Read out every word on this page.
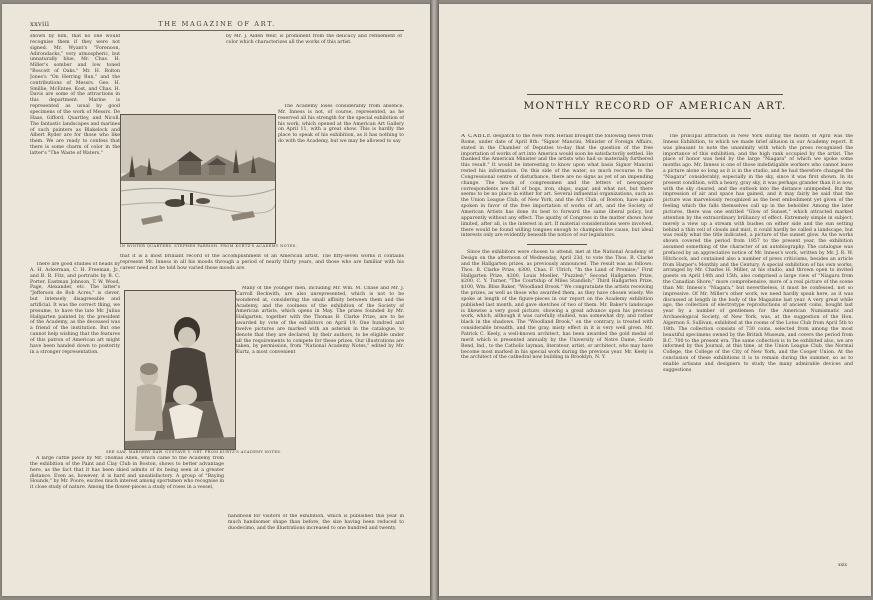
xxviii	THE MAGAZINE OF ART.

shown by him, that no one would recognise them if they were not signed. Mr. Wyant's "Forenoon, Adirondacks," very atmospheric, but unnaturally blue, Mr. Chas. H. Miller's somber and low toned "Boscott of Oaks." Mr. H. Bolton Jones's "On Herring Run," and the contributions of Messrs. Geo. H. Smillie, McEntee, Kost, and Chas. H. Davis are some of the attractions in this department. Marine is represented as usual by good specimens of the work of Messrs. De Haas, Gifford, Quartley, and Nicoll. The fantastic landscapes and marines of such painters as Blakelock and Albert Ryder are for those who like them. We are ready to confess that there is some charm of color in the latter's "The Waste of Waters."

There are good studies of heads by A. H. Ackerman, C. H. Freeman, Jr., and B. R. Fitz, and portraits by B. C. Porter, Eastman Johnson, T. W. Wood, Page, Alexander, etc. The latter's "Jefferson de Bob Acres," is clever, but intensely disagreeable and artificial. It was the correct thing, we presume, to have the late Mr. Julius Hallgarten painted by the president of the Academy, as the deceased was a friend of the institution. But one cannot help wishing that the features of this patron of American art might have been handed down to posterity in a stronger representation.

IN WINTER QUARTERS. STEPHEN PARRISH. FROM KURTZ'S ACADEMY NOTES.

by Mr. J. Alden Weir, is prominent from the delicacy and refinement of color which characterizes all the works of this artist.

The Academy loses considerably from absence. Mr. Inness is not, of course, represented, as he reserved all his strength for the special exhibition of his work, which opened at the American Art Gallery on April 11, with a great show. This is hardly the place to speak of his exhibition, as it has nothing to do with the Academy, but we may be allowed to say

that it is a most brilliant record of the accomplishment of an American artist. The fifty-seven works it contains represent Mr. Inness in all his moods through a period of nearly thirty years, and those who are familiar with his career need not be told how varied these moods are.

SEE SAW, MARGERY DAW. GUSTAVE V. ORT. FROM KURTZ'S ACADEMY NOTES.

Many of the younger men, including Mr. Wm. M. Chase and Mr. J. Carroll Beckwith, are also unrepresented, which is not to be wondered at, considering the small affinity between them and the Academy, and the coolness of the exhibition of the Society of American artists, which opens in May. The prizes founded by Mr. Hallgarten, together with the Thomas B. Clarke Prize, are to be awarded by vote of the exhibitors on April 19. One hundred and twelve pictures are marked with an asterisk in the catalogue, to denote that they are declared, by their authors, to be eligible under all the requirements to compete for these prizes. Our illustrations are taken, by permission, from "National Academy Notes," edited by Mr. Kurtz, a most convenient

A large cattle piece by Mr. Thomas Allen, which came to the Academy from the exhibition of the Paint and Clay Club in Boston, shows to better advantage here, as the fact that it has been skied admits of its being seen at a greater distance. Even as, however, it is hard and unsatisfactory. A group of "Baying Hounds," by Mr. Poore, excites much interest among sportsmen who recognise in it close study of nature. Among the flower-pieces a study of roses in a vessel,

handbook for visitors of the exhibition, which is published this year in much handsomer shape than before, the size having been reduced to duodecimo, and the illustrations increased to one hundred and twenty.

MONTHLY RECORD OF AMERICAN ART.

A CABLE despatch to the New York Herald brought the following news from Rome, under date of April 8th: "Signor Mancini, Minister of Foreign Affairs, stated in the Chamber of Deputies to-day that the question of the free importation of works of art into America would soon be satisfactorily settled. He thanked the American Minister and the artists who had so materially furthered this result." It would be interesting to know upon what basis Signor Mancini rested his information. On this side of the water, so much recourse to the Congressional centre of disturbance, there are no signs as yet of an impending change. The heads of congressmen and the letters of newspaper correspondents are full of hogs, iron, ships, sugar, and what not, but there seems to be no place in either for art. Several influential organizations, such as the Union League Club, of New York, and the Art Club, of Boston, have again spoken in favor of the free importation of works of art, and the Society of American Artists has done its best to forward the same liberal policy, but apparently without any effect. The apathy of Congress in the matter shows how limited, after all, is the interest in art. If material considerations were involved, there would be found willing tongues enough to champion the cause, but ideal interests only are evidently beneath the notice of our legislators.

Since the exhibitors were chosen to attend, met at the National Academy of Design on the afternoon of Wednesday, April 23d, to vote the Thos. B. Clarke and the Hallgarten prizes, as previously announced. The result was as follows: Thos. B. Clarke Prize, $300, Chas. F. Ulrich, "In the Land of Promise;" First Hallgarten Prize, $300, Louis Moeller, "Puzzled;" Second Hallgarten Prize, $200, C. Y. Turner, "The Courtship of Miles Standish;" Third Hallgarten Prize, $100, Wm. Bliss Baker, "Woodland Brook." We congratulate the artists receiving the prizes, as well as those who awarded them, as they have chosen wisely. We spoke at length of the figure-pieces in our report on the Academy exhibition published last month, and gave sketches of two of them. Mr. Baker's landscape is likewise a very good picture, showing a great advance upon his previous work, which, although it was carefully studied, was somewhat dry, and rather black in the shadows. The "Woodland Brook," on the contrary, is treated with considerable breadth, and the gray, misty effect in it is very well given. Mr. Patrick C. Keely, a well-known architect, has been awarded the gold medal of merit which is presented annually by the University of Notre Dame, South Bend, Ind., to the Catholic layman, literateur, artist, or architect, who may have become most marked in his special work during the previous year. Mr. Keely is the architect of the cathedral now building in Brooklyn, N. Y.

The principal attraction in New York during the month of April was the Inness Exhibition, to which we made brief allusion in our Academy report. It was pleasant to note the unanimity with which the press recognized the importance of this exhibition, and the high rank occupied by the artist. The place of honor was held by the large "Niagara" of which we spoke some months ago. Mr. Inness is one of those indefatigable workers who cannot leave a picture alone so long as it is in the studio, and he had therefore changed the "Niagara" considerably, especially in the sky, since it was first shown. In its present condition, with a heavy, gray sky, it was perhaps grander than it is now, with the sky cleared, and the outlook into the distance unimpeded. But the impression of air and space has gained, and it may fairly be said that the picture was marvelously recognized as the best embodiment yet given of the feeling which the falls themselves call up in the beholder. Among the later pictures, there was one entitled "Glow of Sunset," which attracted marked attention by the extraordinary brilliancy of effect. Extremely simple in subject, merely a view up a stream with bushes on either side and the sun setting behind a thin veil of clouds and mist, it could hardly be called a landscape, but was really what the title indicated, a picture of the sunset glow. As the works shown covered the period from 1857 to the present year, the exhibition assumed something of the character of an autobiography. The catalogue was prefaced by an appreciative notice of Mr. Inness's work, written by Mr. J. R. W. Hitchcock, and contained also a number of press criticisms, besides an article from Harper's Monthly and the Century. A special exhibition of his own works, arranged by Mr. Charles H. Miller, at his studio, and thrown open to invited guests on April 14th and 15th, also comprised a large view of "Niagara from the Canadian Shore," more comprehensive, more of a real picture of the scene than Mr. Inness's "Niagara," but nevertheless, it must be confessed, not so impressive. Of Mr. Miller's other work, we need hardly speak here, as it was discussed at length in the body of the Magazine last year. A very great while ago, the collection of electrotype reproductions of ancient coins, bought last year by a number of gentlemen for the American Numismatic and Archaeological Society, of New York, was, at the suggestion of the Hon. Algernon S. Sullivan, exhibited at the rooms of the Lotos Club from April 5th to 18th. The collection consists of 730 coins, selected from among the most beautiful specimens owned by the British Museum, and covers the period from B.C. 700 to the present era. The same collection is to be exhibited also, we are informed by this Journal, at this time, at the Union League Club, the Normal College, the College of the City of New York, and the Cooper Union. At the conclusion of these exhibitions it is to remain during the summer, so as to enable artisans and designers to study the many admirable devices and suggestions

xxix
